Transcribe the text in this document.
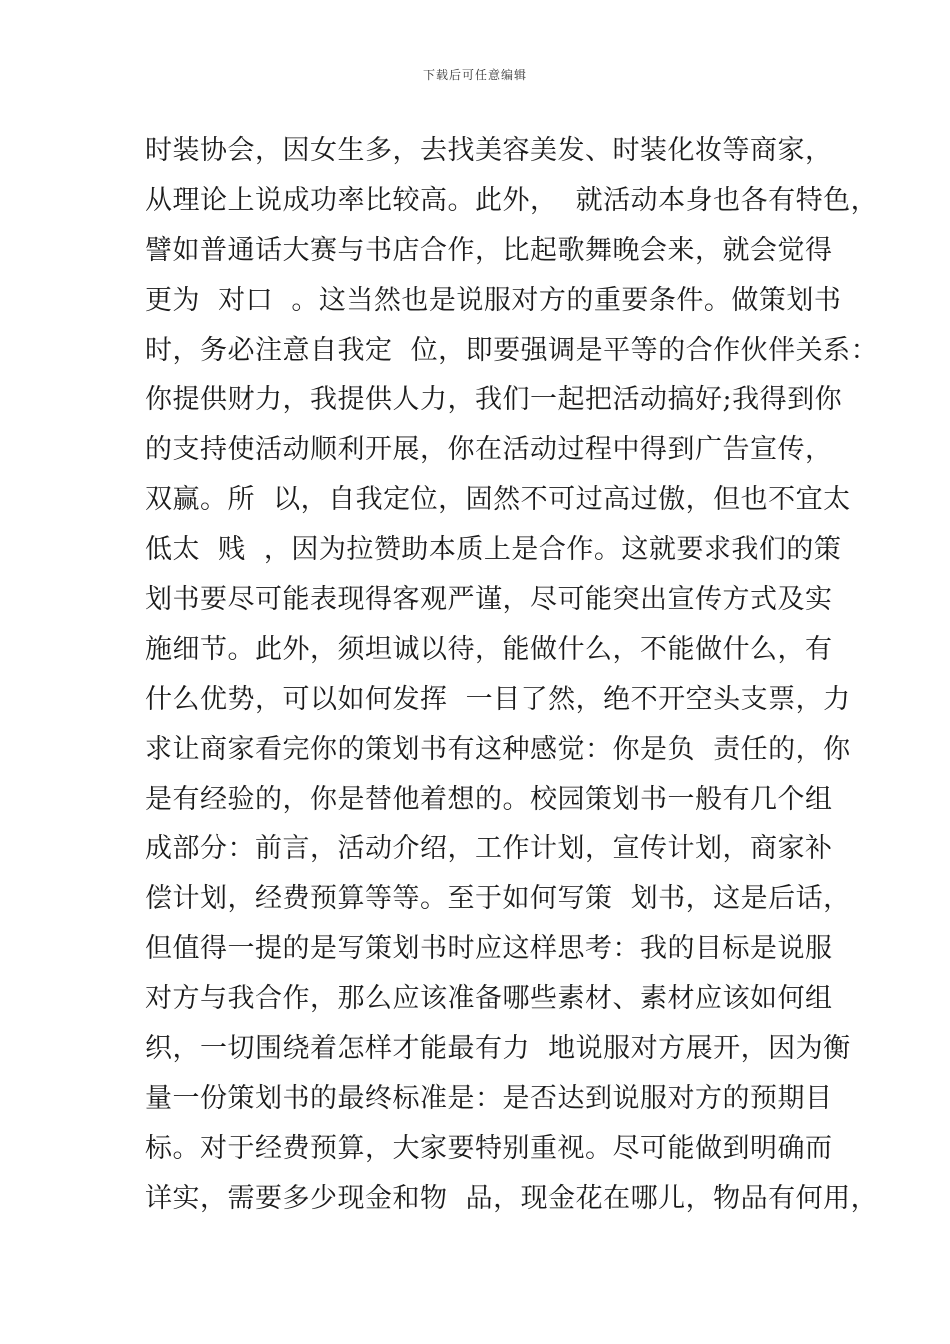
下载后可任意编辑
时装协会，因女生多，去找美容美发、时装化妆等商家，
从理论上说成功率比较高。此外，  就活动本身也各有特色，
譬如普通话大赛与书店合作，比起歌舞晚会来，就会觉得
更为  对口  。这当然也是说服对方的重要条件。做策划书
时，务必注意自我定  位，即要强调是平等的合作伙伴关系：
你提供财力，我提供人力，我们一起把活动搞好;我得到你
的支持使活动顺利开展，你在活动过程中得到广告宣传，
双赢。所  以，自我定位，固然不可过高过傲，但也不宜太
低太  贱  ，因为拉赞助本质上是合作。这就要求我们的策
划书要尽可能表现得客观严谨，尽可能突出宣传方式及实
施细节。此外，须坦诚以待，能做什么，不能做什么，有
什么优势，可以如何发挥  一目了然，绝不开空头支票，力
求让商家看完你的策划书有这种感觉：你是负  责任的，你
是有经验的，你是替他着想的。校园策划书一般有几个组
成部分：前言，活动介绍，工作计划，宣传计划，商家补
偿计划，经费预算等等。至于如何写策  划书，这是后话，
但值得一提的是写策划书时应这样思考：我的目标是说服
对方与我合作，那么应该准备哪些素材、素材应该如何组
织，一切围绕着怎样才能最有力  地说服对方展开，因为衡
量一份策划书的最终标准是：是否达到说服对方的预期目
标。对于经费预算，大家要特别重视。尽可能做到明确而
详实，需要多少现金和物  品，现金花在哪儿，物品有何用，
